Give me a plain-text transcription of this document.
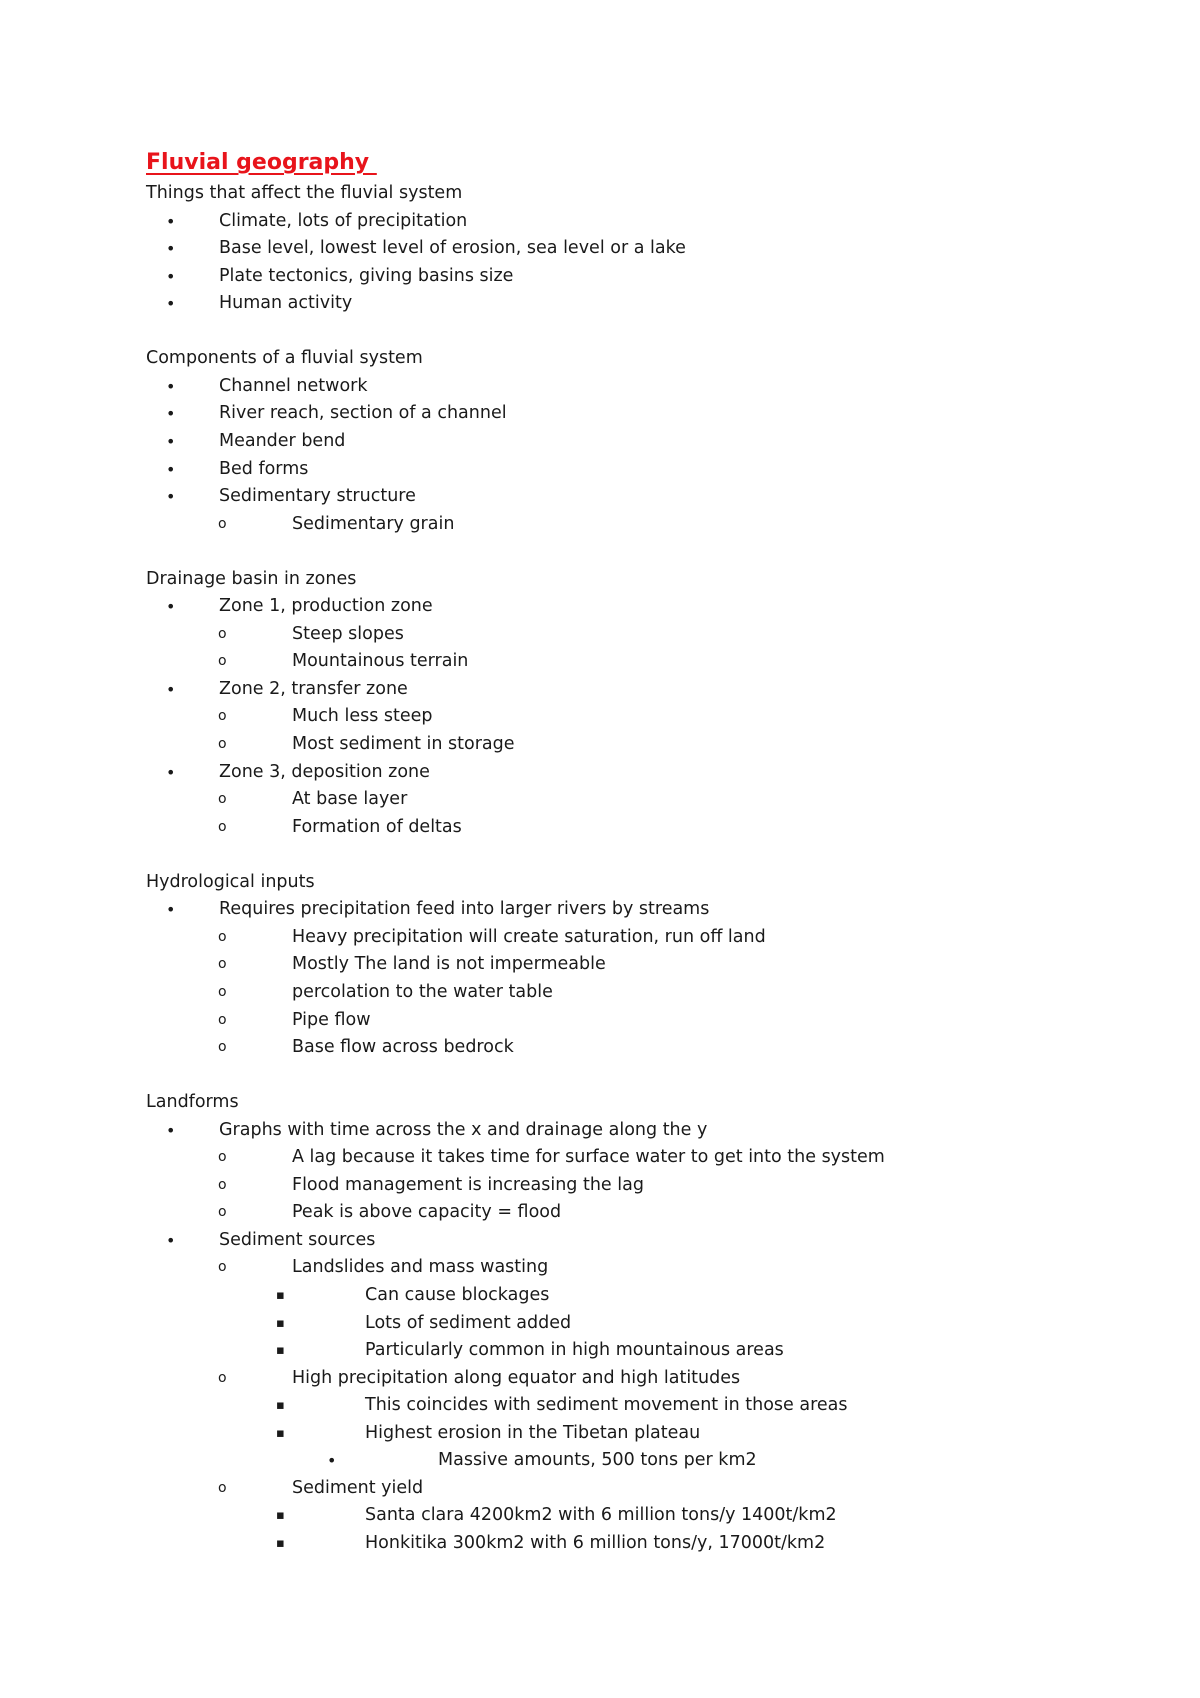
Fluvial geography
Things that affect the fluvial system
• Climate, lots of precipitation
• Base level, lowest level of erosion, sea level or a lake
• Plate tectonics, giving basins size
• Human activity
Components of a fluvial system
• Channel network
• River reach, section of a channel
• Meander bend
• Bed forms
• Sedimentary structure
o	Sedimentary grain
Drainage basin in zones
• Zone 1, production zone
o	Steep slopes
o	Mountainous terrain
• Zone 2, transfer zone
o	Much less steep
o	Most sediment in storage
• Zone 3, deposition zone
o	At base layer
o	Formation of deltas
Hydrological inputs
• Requires precipitation feed into larger rivers by streams
o	Heavy precipitation will create saturation, run off land
o	Mostly The land is not impermeable
o	percolation to the water table
o	Pipe flow
o	Base flow across bedrock
Landforms
• Graphs with time across the x and drainage along the y
o	A lag because it takes time for surface water to get into the system
o	Flood management is increasing the lag
o	Peak is above capacity = flood
• Sediment sources
o	Landslides and mass wasting
▪	Can cause blockages
▪	Lots of sediment added
▪	Particularly common in high mountainous areas
o	High precipitation along equator and high latitudes
▪	This coincides with sediment movement in those areas
▪	Highest erosion in the Tibetan plateau
•	Massive amounts, 500 tons per km2
o	Sediment yield
▪	Santa clara 4200km2 with 6 million tons/y 1400t/km2
▪	Honkitika 300km2 with 6 million tons/y, 17000t/km2
